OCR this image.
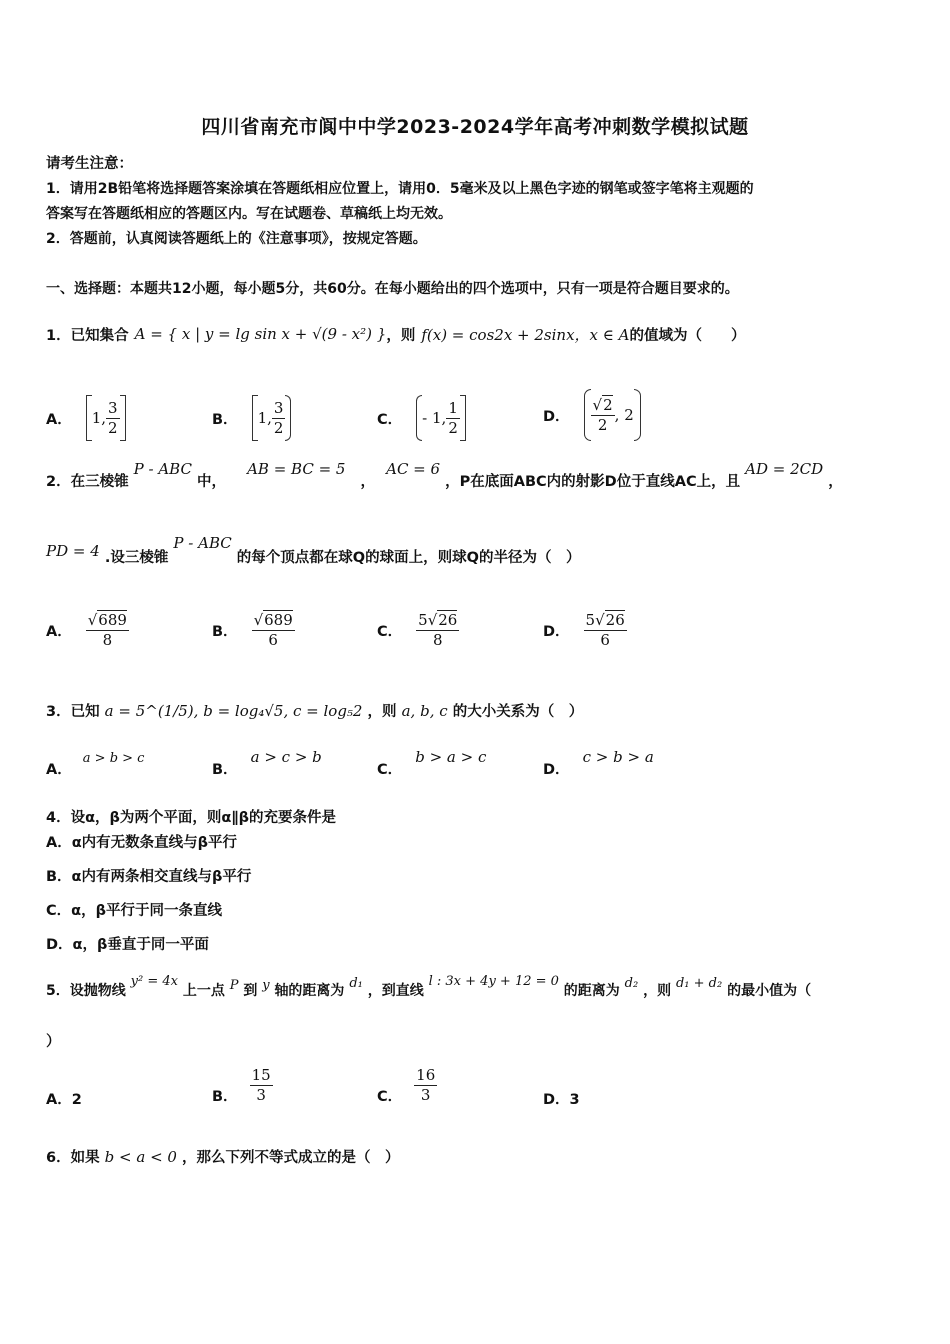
四川省南充市阆中中学2023-2024学年高考冲刺数学模拟试题
请考生注意：
1．请用2B铅笔将选择题答案涂填在答题纸相应位置上，请用0．5毫米及以上黑色字迹的钢笔或签字笔将主观题的
答案写在答题纸相应的答题区内。写在试题卷、草稿纸上均无效。
2．答题前，认真阅读答题纸上的《注意事项》，按规定答题。
一、选择题：本题共12小题，每小题5分，共60分。在每小题给出的四个选项中，只有一项是符合题目要求的。
1．已知集合 A = { x | y = lg sin x + √(9 - x²) } ，则 f(x) = cos2x + 2sinx，x ∈ A 的值域为（　　）
A．	1, $\frac{3}{2}$	B．	1, $\frac{3}{2}$	C．	- 1, $\frac{1}{2}$	D． $\frac{√2}{2}$ , 2
2．在三棱锥 P - ABC 中， AB = BC = 5 ， AC = 6 ，P在底面ABC内的射影D位于直线AC上，且 AD = 2CD ，
PD = 4 .设三棱锥 P - ABC 的每个顶点都在球Q的球面上，则球Q的半径为（　）
A． $\frac{√689}{8}$	B． $\frac{√689}{6}$	C． $\frac{5√26}{8}$	D． $\frac{5√26}{6}$
3．已知 a = 5^(1/5), b = log₄√5, c = log₅2 ，则 a, b, c 的大小关系为（　）
A． a > b > c
B． a > c > b
C． b > a > c
D． c > b > a
4．设α，β为两个平面，则α∥β的充要条件是
A．α内有无数条直线与β平行
B．α内有两条相交直线与β平行
C．α，β平行于同一条直线
D．α，β垂直于同一平面
5．设抛物线 y² = 4x 上一点 P 到 y 轴的距离为 d₁ ，到直线 l : 3x + 4y + 12 = 0 的距离为 d₂ ，则 d₁ + d₂ 的最小值为（
）
A．2	B． $\frac{15}{3}$	C． $\frac{16}{3}$	D．3
6．如果 b < a < 0 ，那么下列不等式成立的是（　）
